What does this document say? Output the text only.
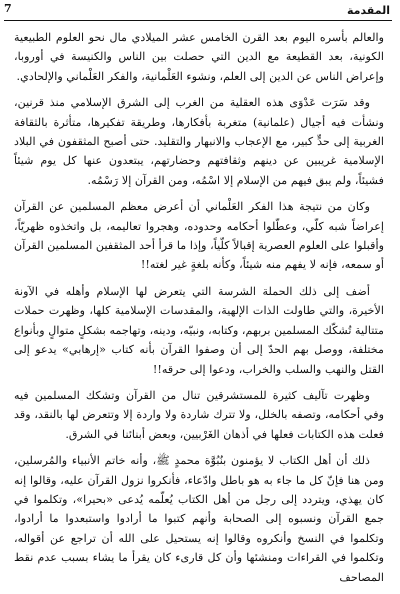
المقدمة
7

والعالم بأسره اليوم بعد القرن الخامس عشر الميلادي مال نحو العلوم الطبيعية الكونية، بعد القطيعة مع الدين التي حصلت بين الناس والكنيسة في أوروبا، وإعراض الناس عن الدين إلى العلم، ونشوء العَلْمانية، والفكر العَلْماني والإلحادي.

وقد سَرَت عَدْوَى هذه العقلية من الغرب إلى الشرق الإسلامي منذ قرنين، ونشأت فيه أجيال (علمانية) متغربة بأفكارها، وطريقة تفكيرها، متأثرة بالثقافة الغربية إلى حدٍّ كبير، مع الإعجاب والانبهار والتقليد. حتى أصبح المثقفون في البلاد الإسلامية غريبين عن دينهم وثقافتهم وحضارتهم، يبتعدون عنها كل يوم شيئاً فشيئاً، ولم يبق فيهم من الإسلام إلا اسْمُه، ومن القرآن إلا رَسْمُه.

وكان من نتيجة هذا الفكر العَلْماني أن أعرض معظم المسلمين عن القرآن إعراضاً شبه كلّي، وعطّلوا أحكامه وحدوده، وهجروا تعاليمه، بل واتخذوه ظهريّاً، وأقبلوا على العلوم العصرية إقبالاً كلّياً، وإذا ما قرأ أحد المثقفين المسلمين القرآن أو سمعه، فإنه لا يفهم منه شيئاً، وكأنه بلغةٍ غير لغته!!

أضف إلى ذلك الحملة الشرسة التي يتعرض لها الإسلام وأهله في الآونة الأخيرة، والتي طاولت الذات الإلهية، والمقدسات الإسلامية كلها، وظهرت حملات متتالية تُشكّك المسلمين بربهم، وكتابه، ونبيّه، ودينه، وتهاجمه بشكلٍ متوالٍ وبأنواع مختلفة، ووصل بهم الحدّ إلى أن وصفوا القرآن بأنه كتاب «إرهابي» يدعو إلى القتل والنهب والسلب والخراب، ودعوا إلى حرقه!!

وظهرت تآليف كثيرة للمستشرقين تنال من القرآن وتشكك المسلمين فيه وفي أحكامه، وتصفه بالخلل، ولا تترك شاردة ولا واردة إلا وتتعرض لها بالنقد، وقد فعلت هذه الكتابات فعلها في أذهان الغَرْبيين، وبعض أبنائنا في الشرق.

ذلك أن أهل الكتاب لا يؤمنون بنُبُوَّة محمدٍ ﷺ، وأنه خاتم الأنبياء والمُرسلين، ومن هنا فإنّ كل ما جاء به هو باطل وادّعاء، فأنكروا نزول القرآن عليه، وقالوا إنه كان يهذي، ويتردد إلى رجل من أهل الكتاب يُعلّمه يُدعى «بحيرا»، وتكلموا في جمع القرآن ونسبوه إلى الصحابة وأنهم كتبوا ما أرادوا واستبعدوا ما أرادوا، وتكلموا في النسخ وأنكروه وقالوا إنه يستحيل على الله أن تراجع عن أقواله، وتكلموا في القراءات ومنشئها وأن كل قارىء كان يقرأ ما يشاء بسبب عدم نقط المصاحف
